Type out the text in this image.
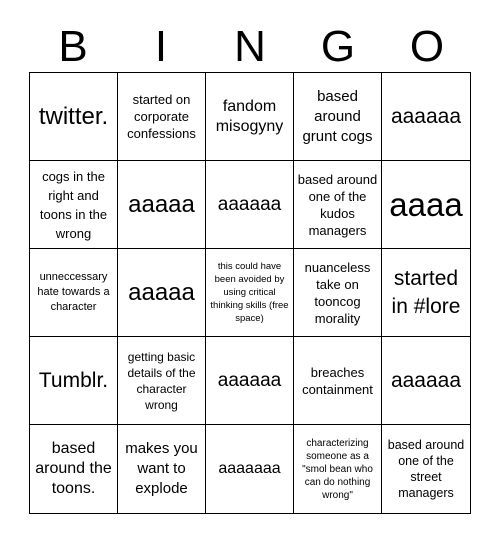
B	I	N	G	O
twitter.
started on corporate confessions
fandom misogyny
based around grunt cogs
aaaaaa
cogs in the right and toons in the wrong
aaaaa	aaaaaa
based around one of the kudos managers
aaaa
unneccessary hate towards a character
aaaaa
this could have been avoided by using critical thinking skills (free space)
nuanceless take on tooncog morality
started in #lore
Tumblr.
getting basic details of the character wrong
aaaaaa	breaches containment aaaaaa
based around the toons.
makes you want to explode
aaaaaaa
characterizing someone as a "smol bean who can do nothing wrong"
based around one of the street managers
